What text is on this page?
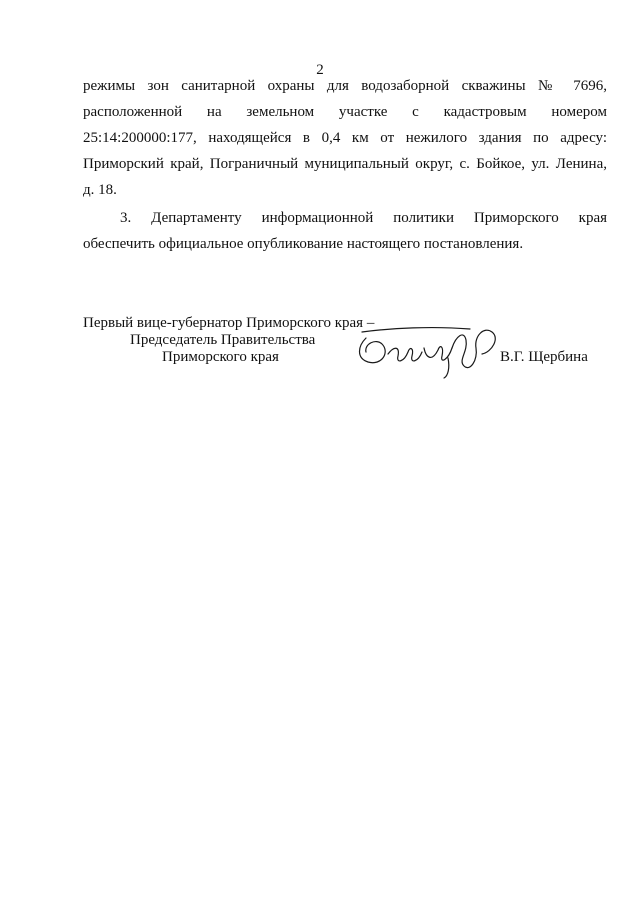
2
режимы зон санитарной охраны для водозаборной скважины № 7696,
расположенной на земельном участке с кадастровым номером
25:14:200000:177, находящейся в 0,4 км от нежилого здания по адресу:
Приморский край, Пограничный муниципальный округ, с. Бойкое, ул. Ленина,
д. 18.
3. Департаменту информационной политики Приморского края
обеспечить официальное опубликование настоящего постановления.
Первый вице-губернатор Приморского края –
Председатель Правительства
Приморского края	В.Г. Щербина
